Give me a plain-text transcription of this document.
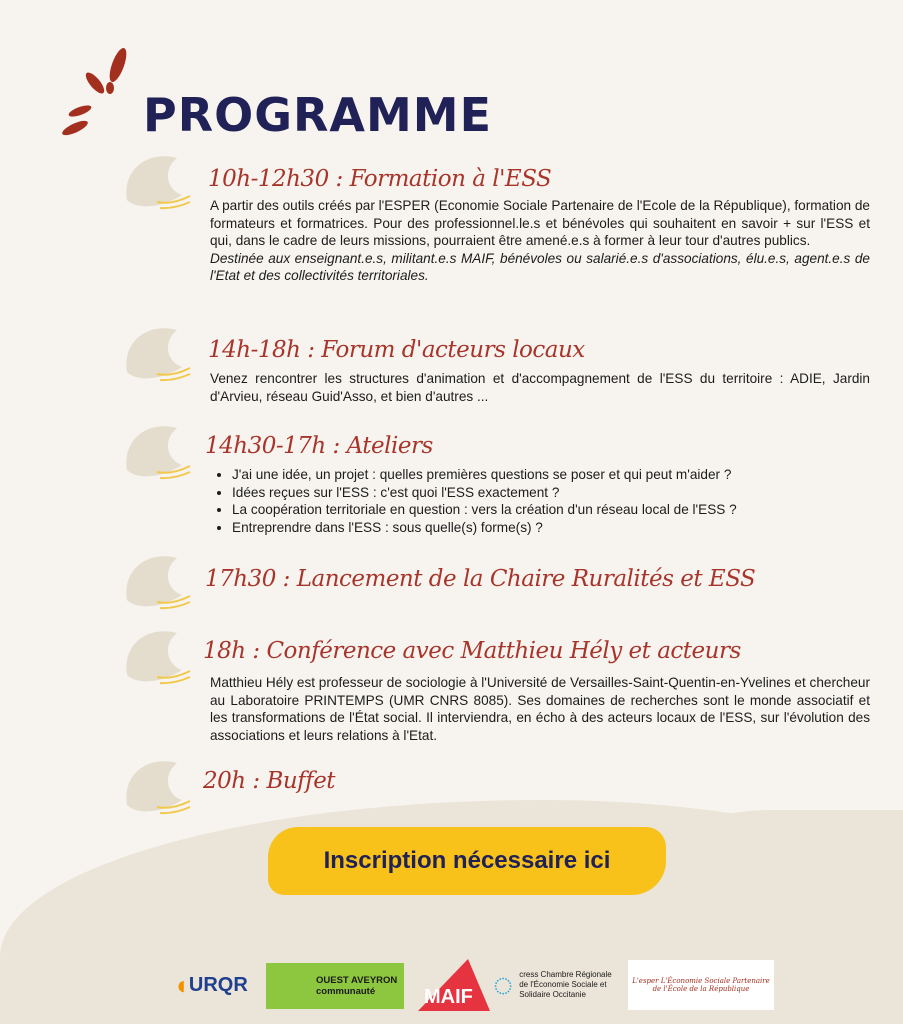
PROGRAMME
10h-12h30 : Formation à l'ESS
A partir des outils créés par l'ESPER (Economie Sociale Partenaire de l'Ecole de la République), formation de formateurs et formatrices. Pour des professionnel.le.s et bénévoles qui souhaitent en savoir + sur l'ESS et qui, dans le cadre de leurs missions, pourraient être amené.e.s à former à leur tour d'autres publics.
Destinée aux enseignant.e.s, militant.e.s MAIF, bénévoles ou salarié.e.s d'associations, élu.e.s, agent.e.s de l'Etat et des collectivités territoriales.
14h-18h : Forum d'acteurs locaux
Venez rencontrer les structures d'animation et d'accompagnement de l'ESS du territoire : ADIE, Jardin d'Arvieu, réseau Guid'Asso, et bien d'autres ...
14h30-17h : Ateliers
• J'ai une idée, un projet : quelles premières questions se poser et qui peut m'aider ?
• Idées reçues sur l'ESS : c'est quoi l'ESS exactement ?
• La coopération territoriale en question : vers la création d'un réseau local de l'ESS ?
• Entreprendre dans l'ESS : sous quelle(s) forme(s) ?
17h30 : Lancement de la Chaire Ruralités et ESS
18h : Conférence avec Matthieu Hély et acteurs
Matthieu Hély est professeur de sociologie à l'Université de Versailles-Saint-Quentin-en-Yvelines et chercheur au Laboratoire PRINTEMPS (UMR CNRS 8085). Ses domaines de recherches sont le monde associatif et les transformations de l'État social. Il interviendra, en écho à des acteurs locaux de l'ESS, sur l'évolution des associations et leurs relations à l'Etat.
20h : Buffet
Inscription nécessaire ici
◖ URQR	OUEST AVEYRON communauté	MAIF ◌ cress Chambre Régionale de l'Économie Sociale et Solidaire Occitanie
L'esper L'Économie Sociale Partenaire de l'École de la République
